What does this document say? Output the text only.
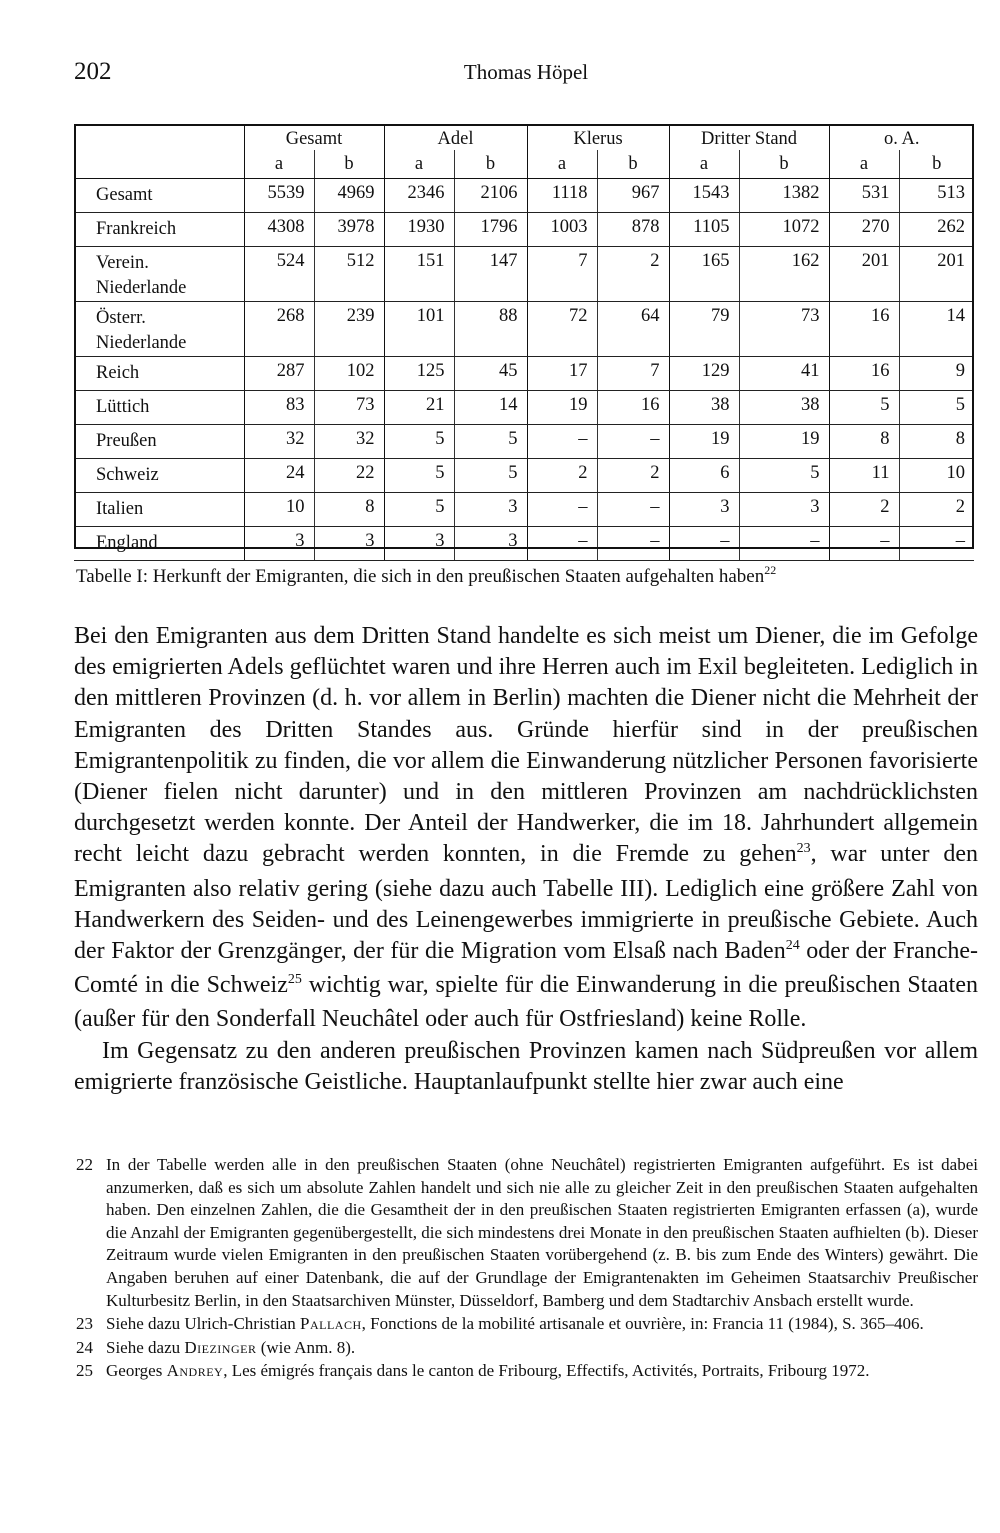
202	Thomas Höpel
	Gesamt		Adel		Klerus		Dritter Stand		o. A.	
	a	b	a	b	a	b	a	b	a	b

Gesamt	5539	4969	2346	2106	1118	967	1543	1382	531	513

Frankreich	4308	3978	1930	1796	1003	878	1105	1072	270	262

Verein.
Niederlande	524	512	151	147	7	2	165	162	201	201

Österr.
Niederlande	268	239	101	88	72	64	79	73	16	14

Reich	287	102	125	45	17	7	129	41	16	9

Lüttich	83	73	21	14	19	16	38	38	5	5

Preußen	32	32	5	5	–	–	19	19	8	8

Schweiz	24	22	5	5	2	2	6	5	11	10

Italien	10	8	5	3	–	–	3	3	2	2

England	3	3	3	3	–	–	–	–	–	–
Tabelle I: Herkunft der Emigranten, die sich in den preußischen Staaten aufgehalten haben$^{22}$

Bei den Emigranten aus dem Dritten Stand handelte es sich meist um Diener, die im Gefolge des emigrierten Adels geflüchtet waren und ihre Herren auch im Exil begleiteten. Lediglich in den mittleren Provinzen (d. h. vor allem in Berlin) machten die Diener nicht die Mehrheit der Emigranten des Dritten Standes aus. Gründe hierfür sind in der preußischen Emigrantenpolitik zu finden, die vor allem die Einwanderung nützlicher Personen favorisierte (Diener fielen nicht darunter) und in den mittleren Provinzen am nachdrücklichsten durchgesetzt werden konnte. Der Anteil der Handwerker, die im 18. Jahrhundert allgemein recht leicht dazu gebracht werden konnten, in die Fremde zu gehen$^{23}$, war unter den Emigranten also relativ gering (siehe dazu auch Tabelle III). Lediglich eine größere Zahl von Handwerkern des Seiden- und des Leinengewerbes immigrierte in preußische Gebiete. Auch der Faktor der Grenzgänger, der für die Migration vom Elsaß nach Baden$^{24}$ oder der Franche-Comté in die Schweiz$^{25}$ wichtig war, spielte für die Einwanderung in die preußischen Staaten (außer für den Sonderfall Neuchâtel oder auch für Ostfriesland) keine Rolle.

Im Gegensatz zu den anderen preußischen Provinzen kamen nach Südpreußen vor allem emigrierte französische Geistliche. Hauptanlaufpunkt stellte hier zwar auch eine

22 In der Tabelle werden alle in den preußischen Staaten (ohne Neuchâtel) registrierten Emigranten aufgeführt. Es ist dabei anzumerken, daß es sich um absolute Zahlen handelt und sich nie alle zu gleicher Zeit in den preußischen Staaten aufgehalten haben. Den einzelnen Zahlen, die die Gesamtheit der in den preußischen Staaten registrierten Emigranten erfassen (a), wurde die Anzahl der Emigranten gegenübergestellt, die sich mindestens drei Monate in den preußischen Staaten aufhielten (b). Dieser Zeitraum wurde vielen Emigranten in den preußischen Staaten vorübergehend (z. B. bis zum Ende des Winters) gewährt. Die Angaben beruhen auf einer Datenbank, die auf der Grundlage der Emigrantenakten im Geheimen Staatsarchiv Preußischer Kulturbesitz Berlin, in den Staatsarchiven Münster, Düsseldorf, Bamberg und dem Stadtarchiv Ansbach erstellt wurde.
23 Siehe dazu Ulrich-Christian Pallach, Fonctions de la mobilité artisanale et ouvrière, in: Francia 11 (1984), S. 365–406.
24 Siehe dazu Diezinger (wie Anm. 8).
25 Georges Andrey, Les émigrés français dans le canton de Fribourg, Effectifs, Activités, Portraits, Fribourg 1972.
